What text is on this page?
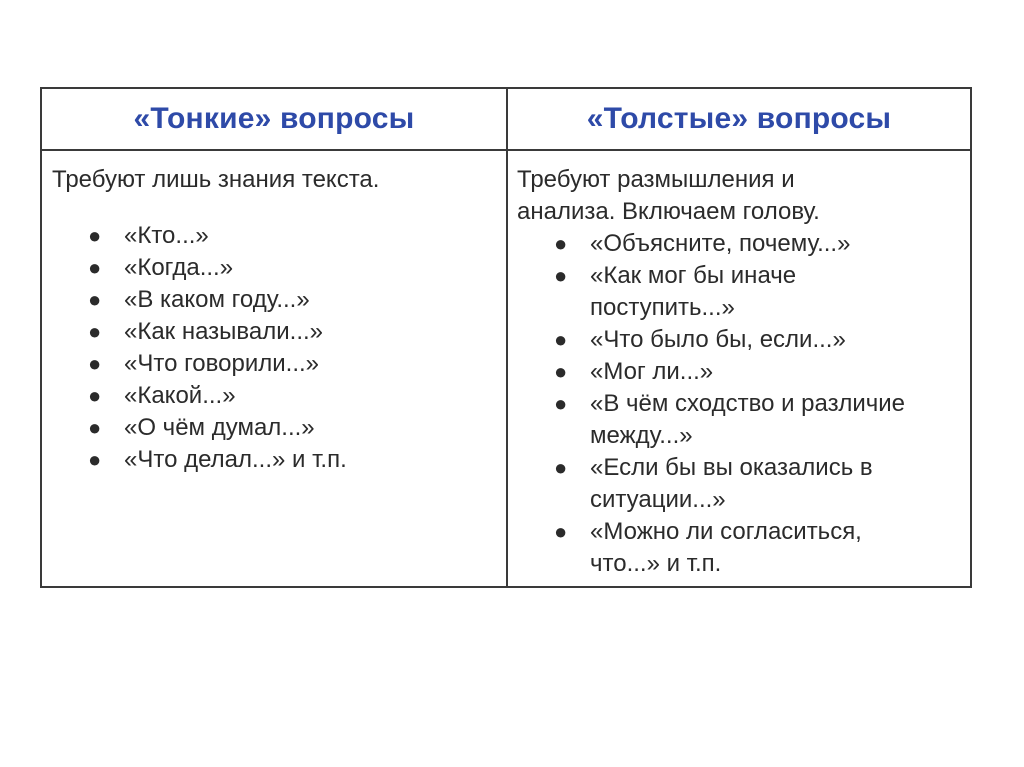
«Тонкие» вопросы	«Толстые» вопросы

Требуют лишь знания текста.

● «Кто...»
● «Когда...»
● «В каком году...»
● «Как называли...»
● «Что говорили...»
● «Какой...»
● «О чём думал...»
● «Что делал...» и т.п.

Требуют размышления и
анализа. Включаем голову.

● «Объясните, почему...»
● «Как мог бы иначе
поступить...»
● «Что было бы, если...»
● «Мог ли...»
● «В чём сходство и различие
между...»
● «Если бы вы оказались в
ситуации...»
● «Можно ли согласиться,
что...» и т.п.
